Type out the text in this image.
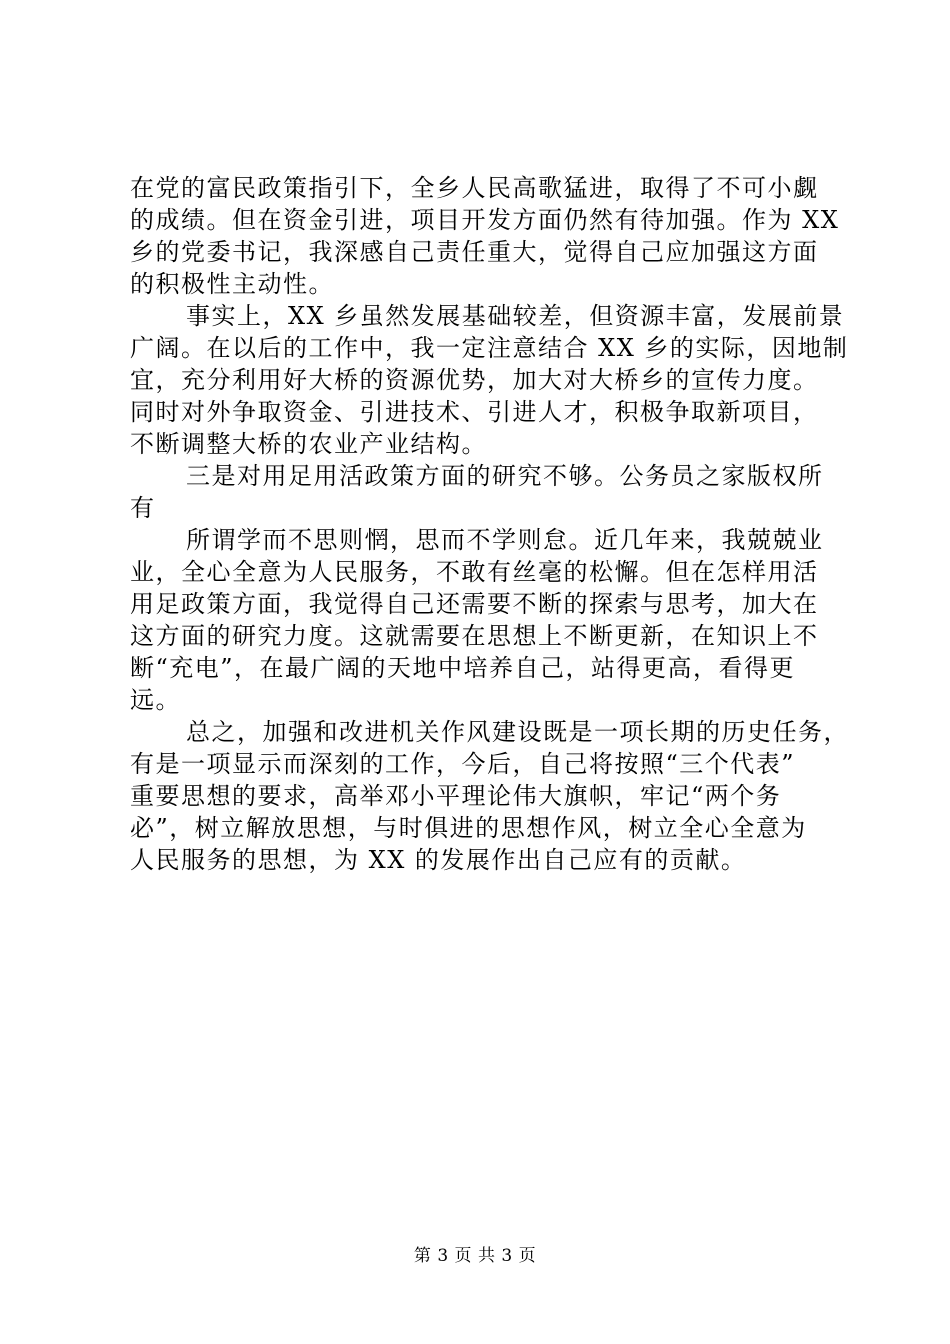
在党的富民政策指引下，全乡人民高歌猛进，取得了不可小觑
的成绩。但在资金引进，项目开发方面仍然有待加强。作为 XX
乡的党委书记，我深感自己责任重大，觉得自己应加强这方面
的积极性主动性。
事实上，XX 乡虽然发展基础较差，但资源丰富，发展前景
广阔。在以后的工作中，我一定注意结合 XX 乡的实际，因地制
宜，充分利用好大桥的资源优势，加大对大桥乡的宣传力度。
同时对外争取资金、引进技术、引进人才，积极争取新项目，
不断调整大桥的农业产业结构。
三是对用足用活政策方面的研究不够。公务员之家版权所
有
所谓学而不思则惘，思而不学则怠。近几年来，我兢兢业
业，全心全意为人民服务，不敢有丝毫的松懈。但在怎样用活
用足政策方面，我觉得自己还需要不断的探索与思考，加大在
这方面的研究力度。这就需要在思想上不断更新，在知识上不
断“充电”，在最广阔的天地中培养自己，站得更高，看得更
远。
总之，加强和改进机关作风建设既是一项长期的历史任务，
有是一项显示而深刻的工作，今后，自己将按照“三个代表”
重要思想的要求，高举邓小平理论伟大旗帜，牢记“两个务
必”，树立解放思想，与时俱进的思想作风，树立全心全意为
人民服务的思想，为 XX 的发展作出自己应有的贡献。
第 3 页 共 3 页
